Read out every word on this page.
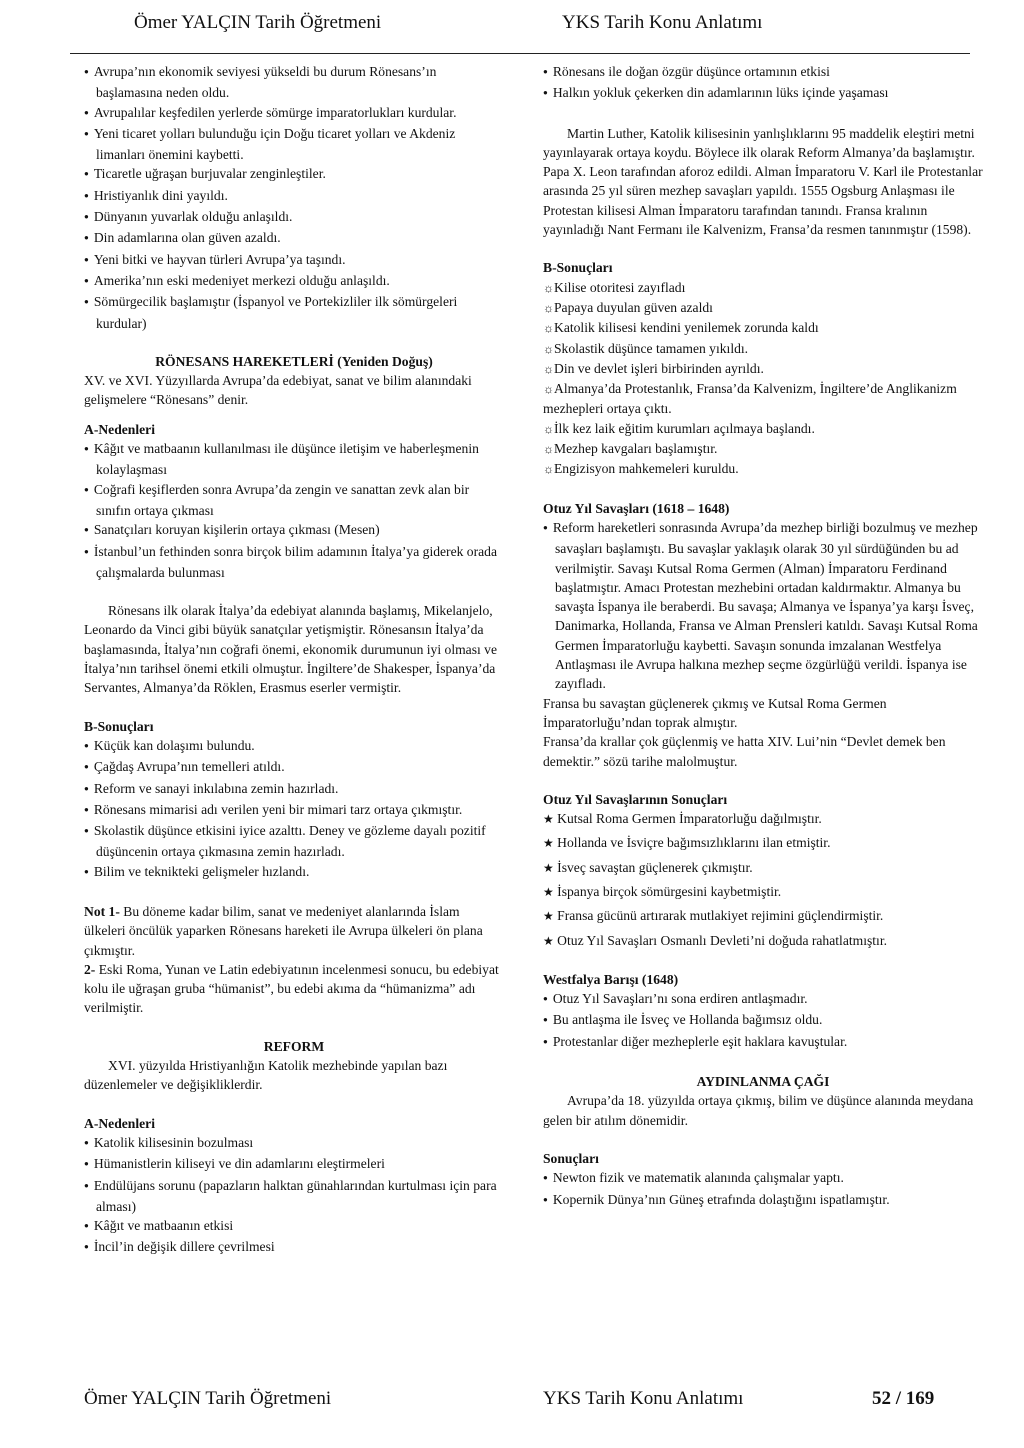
Ömer YALÇIN Tarih Öğretmeni	YKS Tarih Konu Anlatımı

● Avrupa’nın ekonomik seviyesi yükseldi bu durum Rönesans’ın başlamasına neden oldu.

● Avrupalılar keşfedilen yerlerde sömürge imparatorlukları kurdular.

● Yeni ticaret yolları bulunduğu için Doğu ticaret yolları ve Akdeniz limanları önemini kaybetti.

● Ticaretle uğraşan burjuvalar zenginleştiler.

● Hristiyanlık dini yayıldı.

● Dünyanın yuvarlak olduğu anlaşıldı.

● Din adamlarına olan güven azaldı.

● Yeni bitki ve hayvan türleri Avrupa’ya taşındı.

● Amerika’nın eski medeniyet merkezi olduğu anlaşıldı.

● Sömürgecilik başlamıştır (İspanyol ve Portekizliler ilk sömürgeleri kurdular)

RÖNESANS HAREKETLERİ (Yeniden Doğuş)

XV. ve XVI. Yüzyıllarda Avrupa’da edebiyat, sanat ve bilim alanındaki gelişmelere “Rönesans” denir.

A-Nedenleri

● Kâğıt ve matbaanın kullanılması ile düşünce iletişim ve haberleşmenin kolaylaşması

● Coğrafi keşiflerden sonra Avrupa’da zengin ve sanattan zevk alan bir sınıfın ortaya çıkması

● Sanatçıları koruyan kişilerin ortaya çıkması (Mesen)

● İstanbul’un fethinden sonra birçok bilim adamının İtalya’ya giderek orada çalışmalarda bulunması

Rönesans ilk olarak İtalya’da edebiyat alanında başlamış, Mikelanjelo, Leonardo da Vinci gibi büyük sanatçılar yetişmiştir. Rönesansın İtalya’da başlamasında, İtalya’nın coğrafi önemi, ekonomik durumunun iyi olması ve İtalya’nın tarihsel önemi etkili olmuştur. İngiltere’de Shakesper, İspanya’da Servantes, Almanya’da Röklen, Erasmus eserler vermiştir.

B-Sonuçları

● Küçük kan dolaşımı bulundu.

● Çağdaş Avrupa’nın temelleri atıldı.

● Reform ve sanayi inkılabına zemin hazırladı.

● Rönesans mimarisi adı verilen yeni bir mimari tarz ortaya çıkmıştır.

● Skolastik düşünce etkisini iyice azalttı. Deney ve gözleme dayalı pozitif düşüncenin ortaya çıkmasına zemin hazırladı.

● Bilim ve teknikteki gelişmeler hızlandı.

Not 1- Bu döneme kadar bilim, sanat ve medeniyet alanlarında İslam ülkeleri öncülük yaparken Rönesans hareketi ile Avrupa ülkeleri ön plana çıkmıştır.

2- Eski Roma, Yunan ve Latin edebiyatının incelenmesi sonucu, bu edebiyat kolu ile uğraşan gruba “hümanist”, bu edebi akıma da “hümanizma” adı verilmiştir.

REFORM

XVI. yüzyılda Hristiyanlığın Katolik mezhebinde yapılan bazı düzenlemeler ve değişikliklerdir.

A-Nedenleri

● Katolik kilisesinin bozulması

● Hümanistlerin kiliseyi ve din adamlarını eleştirmeleri

● Endülüjans sorunu (papazların halktan günahlarından kurtulması için para alması)

● Kâğıt ve matbaanın etkisi

● İncil’in değişik dillere çevrilmesi

● Rönesans ile doğan özgür düşünce ortamının etkisi

● Halkın yokluk çekerken din adamlarının lüks içinde yaşaması

Martin Luther, Katolik kilisesinin yanlışlıklarını 95 maddelik eleştiri metni yayınlayarak ortaya koydu. Böylece ilk olarak Reform Almanya’da başlamıştır. Papa X. Leon tarafından aforoz edildi. Alman İmparatoru V. Karl ile Protestanlar arasında 25 yıl süren mezhep savaşları yapıldı. 1555 Ogsburg Anlaşması ile Protestan kilisesi Alman İmparatoru tarafından tanındı. Fransa kralının yayınladığı Nant Fermanı ile Kalvenizm, Fransa’da resmen tanınmıştır (1598).

B-Sonuçları

☼Kilise otoritesi zayıfladı

☼Papaya duyulan güven azaldı

☼Katolik kilisesi kendini yenilemek zorunda kaldı

☼Skolastik düşünce tamamen yıkıldı.

☼Din ve devlet işleri birbirinden ayrıldı.

☼Almanya’da Protestanlık, Fransa’da Kalvenizm, İngiltere’de Anglikanizm mezhepleri ortaya çıktı.

☼İlk kez laik eğitim kurumları açılmaya başlandı.

☼Mezhep kavgaları başlamıştır.

☼Engizisyon mahkemeleri kuruldu.

Otuz Yıl Savaşları (1618 – 1648)

● Reform hareketleri sonrasında Avrupa’da mezhep birliği bozulmuş ve mezhep savaşları başlamıştı. Bu savaşlar yaklaşık olarak 30 yıl sürdüğünden bu ad verilmiştir. Savaşı Kutsal Roma Germen (Alman) İmparatoru Ferdinand başlatmıştır. Amacı Protestan mezhebini ortadan kaldırmaktır. Almanya bu savaşta İspanya ile beraberdi. Bu savaşa; Almanya ve İspanya’ya karşı İsveç, Danimarka, Hollanda, Fransa ve Alman Prensleri katıldı. Savaşı Kutsal Roma Germen İmparatorluğu kaybetti. Savaşın sonunda imzalanan Westfelya Antlaşması ile Avrupa halkına mezhep seçme özgürlüğü verildi. İspanya ise zayıfladı.

Fransa bu savaştan güçlenerek çıkmış ve Kutsal Roma Germen İmparatorluğu’ndan toprak almıştır.

Fransa’da krallar çok güçlenmiş ve hatta XIV. Lui’nin “Devlet demek ben demektir.” sözü tarihe malolmuştur.

Otuz Yıl Savaşlarının Sonuçları

★ Kutsal Roma Germen İmparatorluğu dağılmıştır.

★ Hollanda ve İsviçre bağımsızlıklarını ilan etmiştir.

★ İsveç savaştan güçlenerek çıkmıştır.

★ İspanya birçok sömürgesini kaybetmiştir.

★ Fransa gücünü artırarak mutlakiyet rejimini güçlendirmiştir.

★ Otuz Yıl Savaşları Osmanlı Devleti’ni doğuda rahatlatmıştır.

Westfalya Barışı (1648)

● Otuz Yıl Savaşları’nı sona erdiren antlaşmadır.

● Bu antlaşma ile İsveç ve Hollanda bağımsız oldu.

● Protestanlar diğer mezheplerle eşit haklara kavuştular.

AYDINLANMA ÇAĞI

Avrupa’da 18. yüzyılda ortaya çıkmış, bilim ve düşünce alanında meydana gelen bir atılım dönemidir.

Sonuçları

● Newton fizik ve matematik alanında çalışmalar yaptı.

● Kopernik Dünya’nın Güneş etrafında dolaştığını ispatlamıştır.

Ömer YALÇIN Tarih Öğretmeni	YKS Tarih Konu Anlatımı	52 / 169
